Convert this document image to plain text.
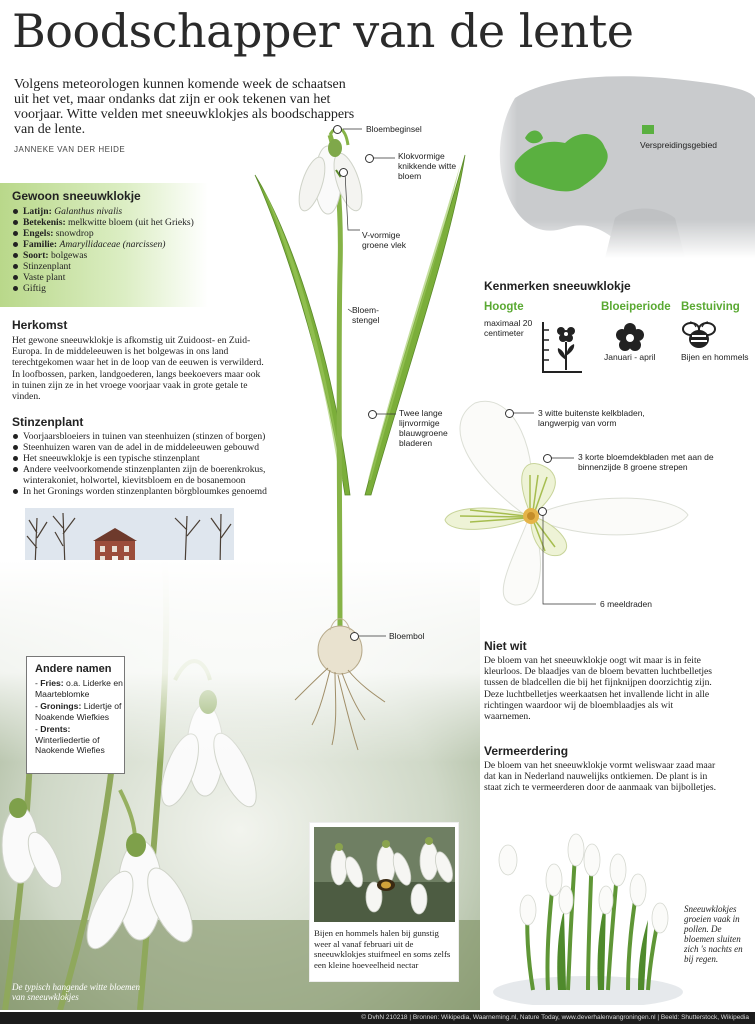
Boodschapper van de lente
Volgens meteorologen kunnen komende week de schaatsen uit het vet, maar ondanks dat zijn er ook tekenen van het voorjaar. Witte velden met sneeuwklokjes als boodschappers van de lente.
JANNEKE VAN DER HEIDE
Gewoon sneeuwklokje
Latijn: Galanthus nivalis
Betekenis: melkwitte bloem (uit het Grieks)
Engels: snowdrop
Familie: Amaryllidaceae (narcissen)
Soort: bolgewas
Stinzenplant
Vaste plant
Giftig
Herkomst
Het gewone sneeuwklokje is afkomstig uit Zuidoost- en Zuid-Europa. In de middeleeuwen is het bolgewas in ons land terechtgekomen waar het in de loop van de eeuwen is verwilderd. In loofbossen, parken, landgoederen, langs beekoevers maar ook in tuinen zijn ze in het vroege voorjaar vaak in grote getale te vinden.
Stinzenplant
Voorjaarsbloeiers in tuinen van steenhuizen (stinzen of borgen)
Steenhuizen waren van de adel in de middeleeuwen gebouwd
Het sneeuwklokje is een typische stinzenplant
Andere veelvoorkomende stinzenplanten zijn de boerenkrokus, winterakoniet, holwortel, kievitsbloem en de bosanemoon
In het Gronings worden stinzenplanten börgbloumkes genoemd
De typisch hangende witte bloemen van sneeuwklokjes
Andere namen
- Fries: o.a. Liderke en Maarteblomke
- Gronings: Lidertje of Noakende Wiefkies
- Drents: Winterliedertie of Naokende Wiefies
Bijen en hommels halen bij gunstig weer al vanaf februari uit de sneeuwklokjes stuifmeel en soms zelfs een kleine hoeveelheid nectar
Bloembeginsel
Klokvormige knikkende witte bloem
V-vormige groene vlek
Bloem-stengel
Twee lange lijnvormige blauwgroene bladeren
Bloembol
3 witte buitenste kelkbladen, langwerpig van vorm
3 korte bloemdekbladen met aan de binnenzijde 8 groene strepen
6 meeldraden
Verspreidingsgebied
Kenmerken sneeuwklokje
Hoogte
maximaal 20 centimeter
Bloeiperiode
Januari - april
Bestuiving
Bijen en hommels
Niet wit
De bloem van het sneeuwklokje oogt wit maar is in feite kleurloos. De blaadjes van de bloem bevatten luchtbelletjes tussen de bladcellen die bij het fijnknijpen doorzichtig zijn. Deze luchtbelletjes weerkaatsen het invallende licht in alle richtingen waardoor wij de bloemblaadjes als wit waarnemen.
Vermeerdering
De bloem van het sneeuwklokje vormt weliswaar zaad maar dat kan in Nederland nauwelijks ontkiemen. De plant is in staat zich te vermeerderen door de aanmaak van bijbolletjes.
Sneeuwklokjes groeien vaak in pollen. De bloemen sluiten zich 's nachts en bij regen.
© DvhN 210218 | Bronnen: Wikipedia, Waarneming.nl, Nature Today, www.deverhalenvangroningen.nl | Beeld: Shutterstock, Wikipedia
